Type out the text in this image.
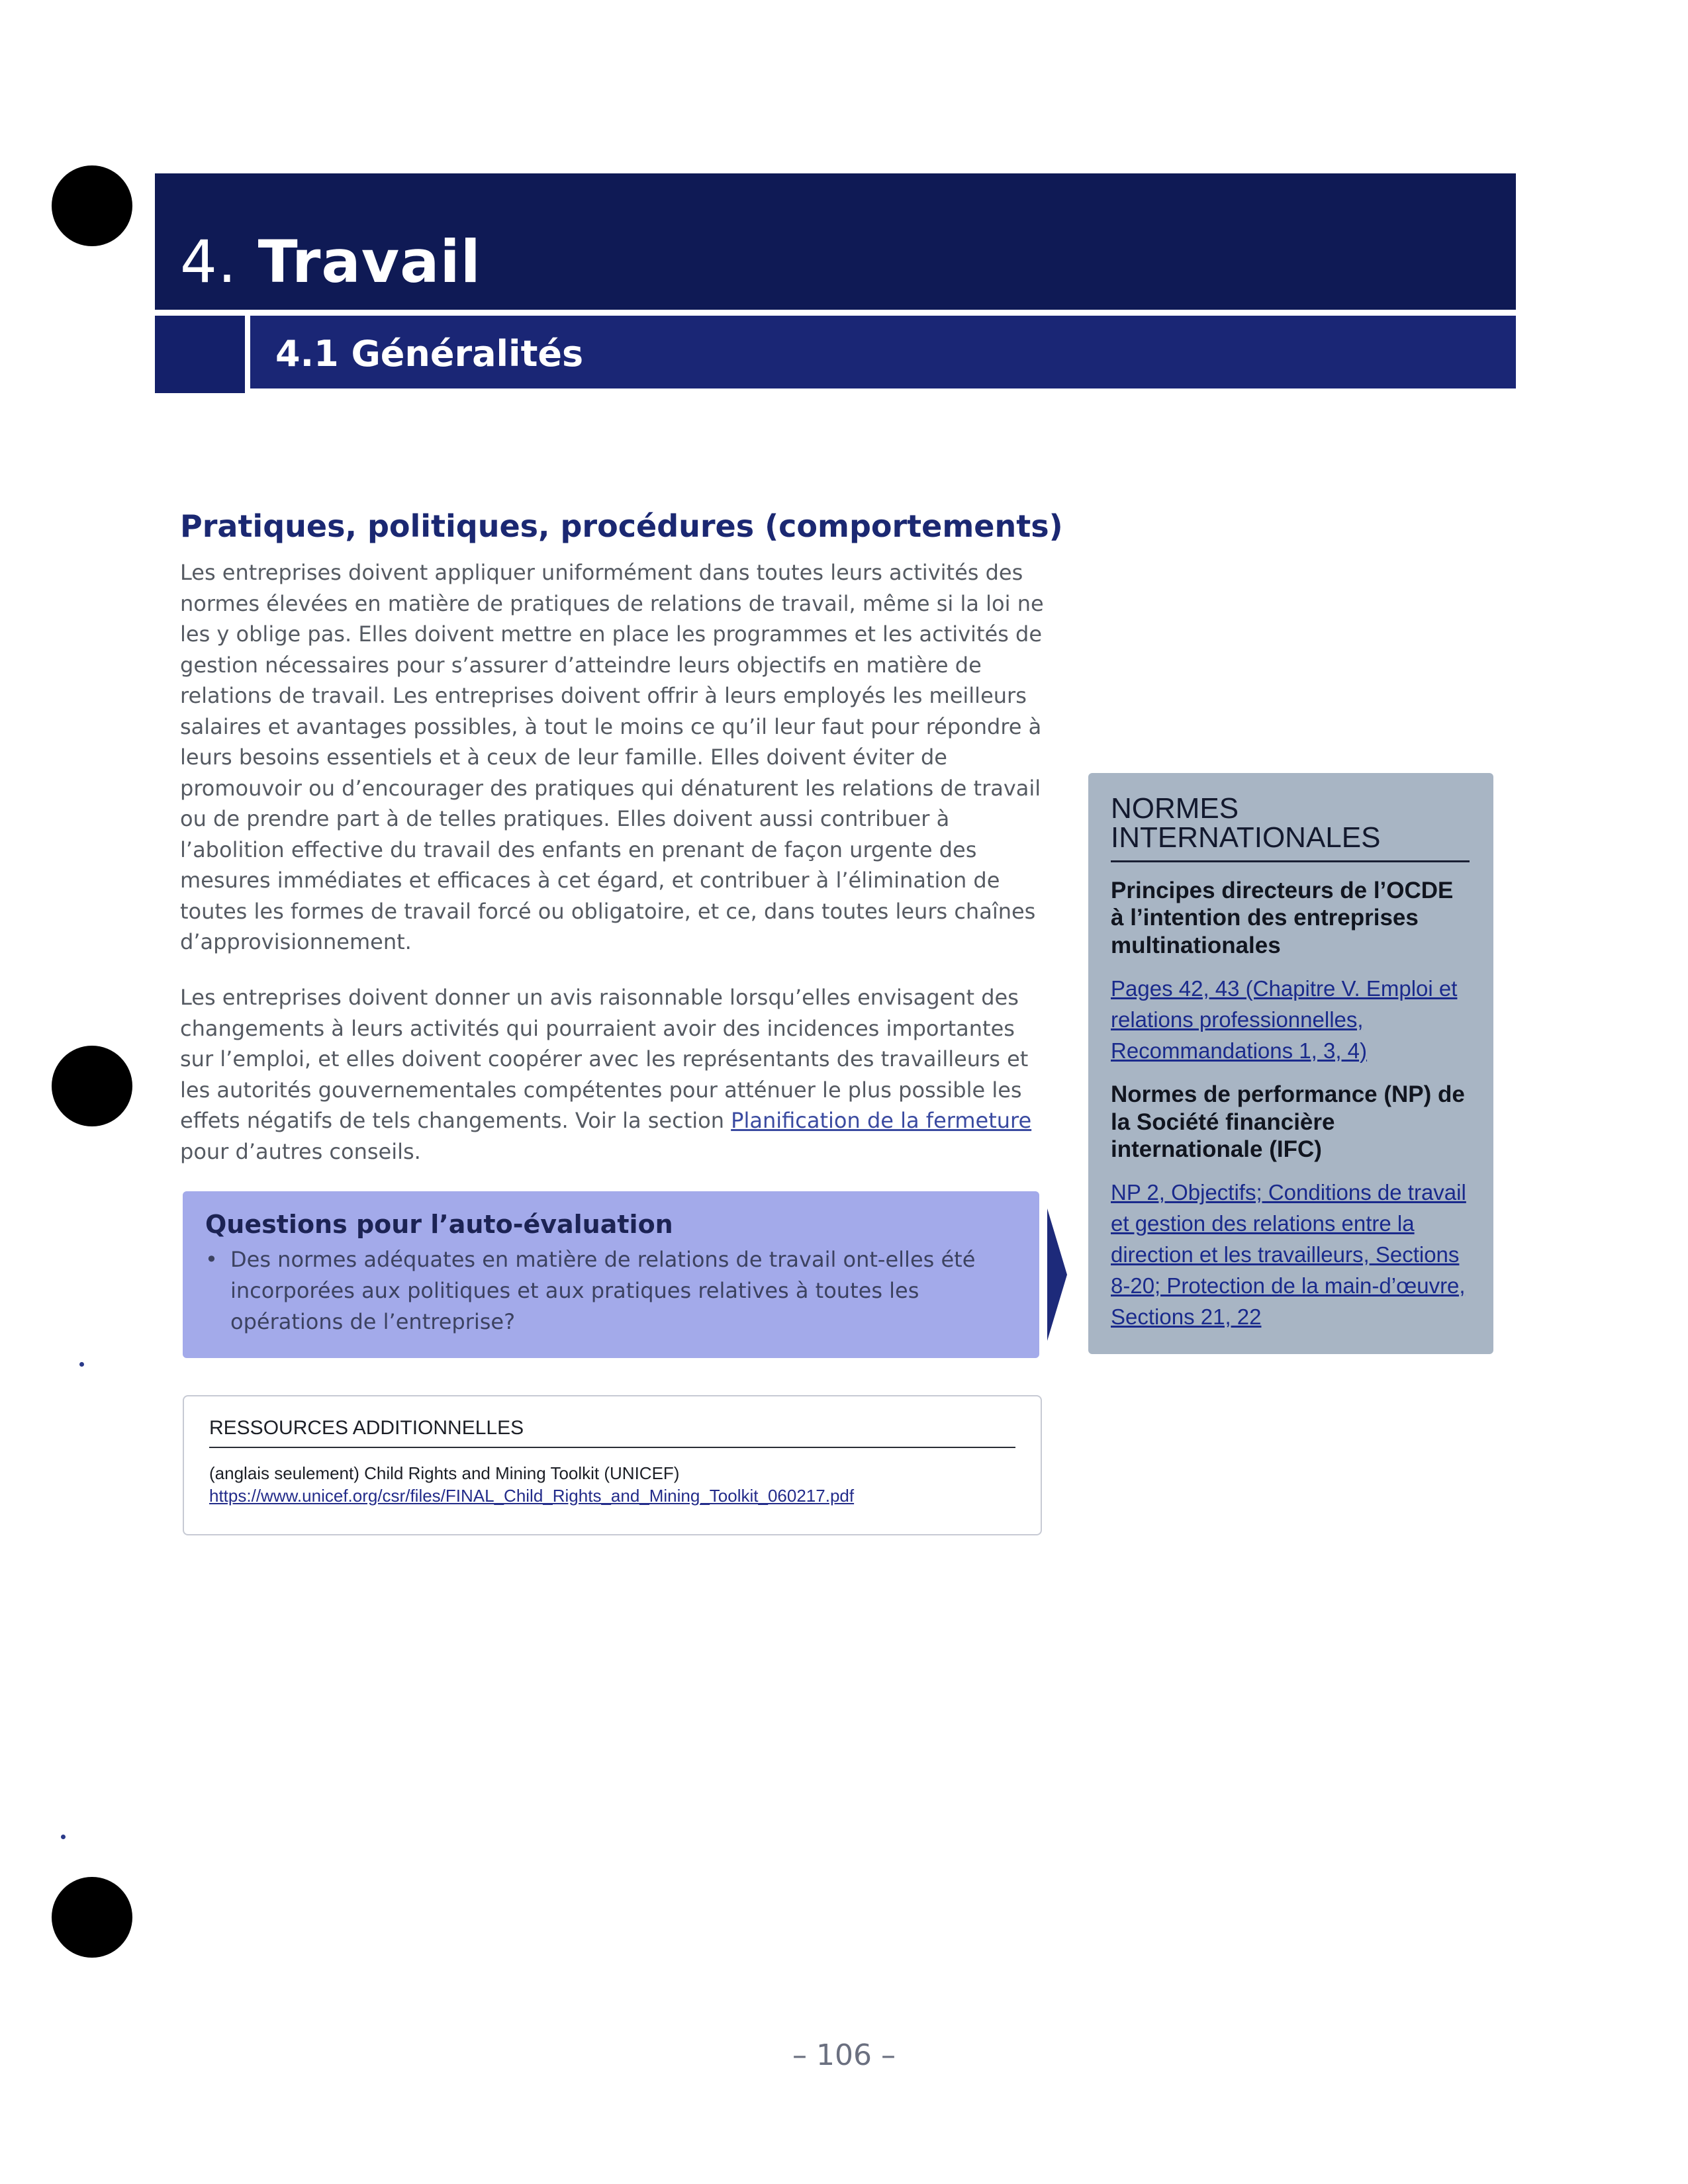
4. Travail
4.1 Généralités
Pratiques, politiques, procédures (comportements)

Les entreprises doivent appliquer uniformément dans toutes leurs activités des normes élevées en matière de pratiques de relations de travail, même si la loi ne les y oblige pas. Elles doivent mettre en place les programmes et les activités de gestion nécessaires pour s’assurer d’atteindre leurs objectifs en matière de relations de travail. Les entreprises doivent offrir à leurs employés les meilleurs salaires et avantages possibles, à tout le moins ce qu’il leur faut pour répondre à leurs besoins essentiels et à ceux de leur famille. Elles doivent éviter de promouvoir ou d’encourager des pratiques qui dénaturent les relations de travail ou de prendre part à de telles pratiques. Elles doivent aussi contribuer à l’abolition effective du travail des enfants en prenant de façon urgente des mesures immédiates et efficaces à cet égard, et contribuer à l’élimination de toutes les formes de travail forcé ou obligatoire, et ce, dans toutes leurs chaînes d’approvisionnement.

Les entreprises doivent donner un avis raisonnable lorsqu’elles envisagent des changements à leurs activités qui pourraient avoir des incidences importantes sur l’emploi, et elles doivent coopérer avec les représentants des travailleurs et les autorités gouvernementales compétentes pour atténuer le plus possible les effets négatifs de tels changements. Voir la section Planification de la fermeture pour d’autres conseils.

Questions pour l’auto-évaluation
• Des normes adéquates en matière de relations de travail ont-elles été incorporées aux politiques et aux pratiques relatives à toutes les opérations de l’entreprise?
RESSOURCES ADDITIONNELLES
(anglais seulement) Child Rights and Mining Toolkit (UNICEF)
https://www.unicef.org/csr/files/FINAL_Child_Rights_and_Mining_Toolkit_060217.pdf
NORMES INTERNATIONALES
Principes directeurs de l’OCDE à l’intention des entreprises multinationales
Pages 42, 43 (Chapitre V. Emploi et relations professionnelles, Recommandations 1, 3, 4)
Normes de performance (NP) de la Société financière internationale (IFC)
NP 2, Objectifs; Conditions de travail et gestion des relations entre la direction et les travailleurs, Sections 8-20; Protection de la main-d’œuvre, Sections 21, 22

– 106 –
